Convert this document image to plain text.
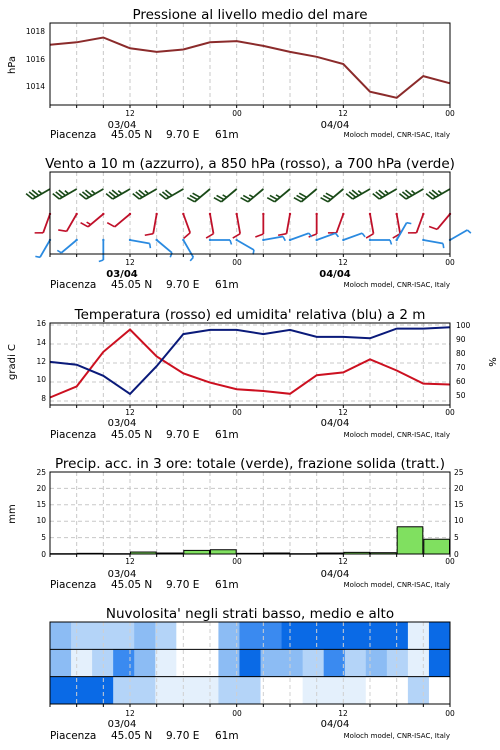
Pressione al livello medio del mare
hPa
1018
1016
1014
12	00	12	00
03/04	04/04
Piacenza 45.05 N 9.70 E 61m	Moloch model, CNR-ISAC, Italy
Vento a 10 m (azzurro), a 850 hPa (rosso), a 700 hPa (verde)
12	00	12	00
03/04	04/04
Piacenza 45.05 N 9.70 E 61m	Moloch model, CNR-ISAC, Italy
Temperatura (rosso) ed umidita' relativa (blu) a 2 m
gradi C	%
16
14
12
10
8
100
90
80
70
60
50
12	00	12	00
03/04	04/04
Piacenza 45.05 N 9.70 E 61m	Moloch model, CNR-ISAC, Italy
Precip. acc. in 3 ore: totale (verde), frazione solida (tratt.)
mm
25
20
15
10
5
0
25
20
15
10
5
0
12	00	12	00
03/04	04/04
Piacenza 45.05 N 9.70 E 61m	Moloch model, CNR-ISAC, Italy
Nuvolosita' negli strati basso, medio e alto
12	00	12	00
03/04	04/04
Piacenza 45.05 N 9.70 E 61m	Moloch model, CNR-ISAC, Italy
